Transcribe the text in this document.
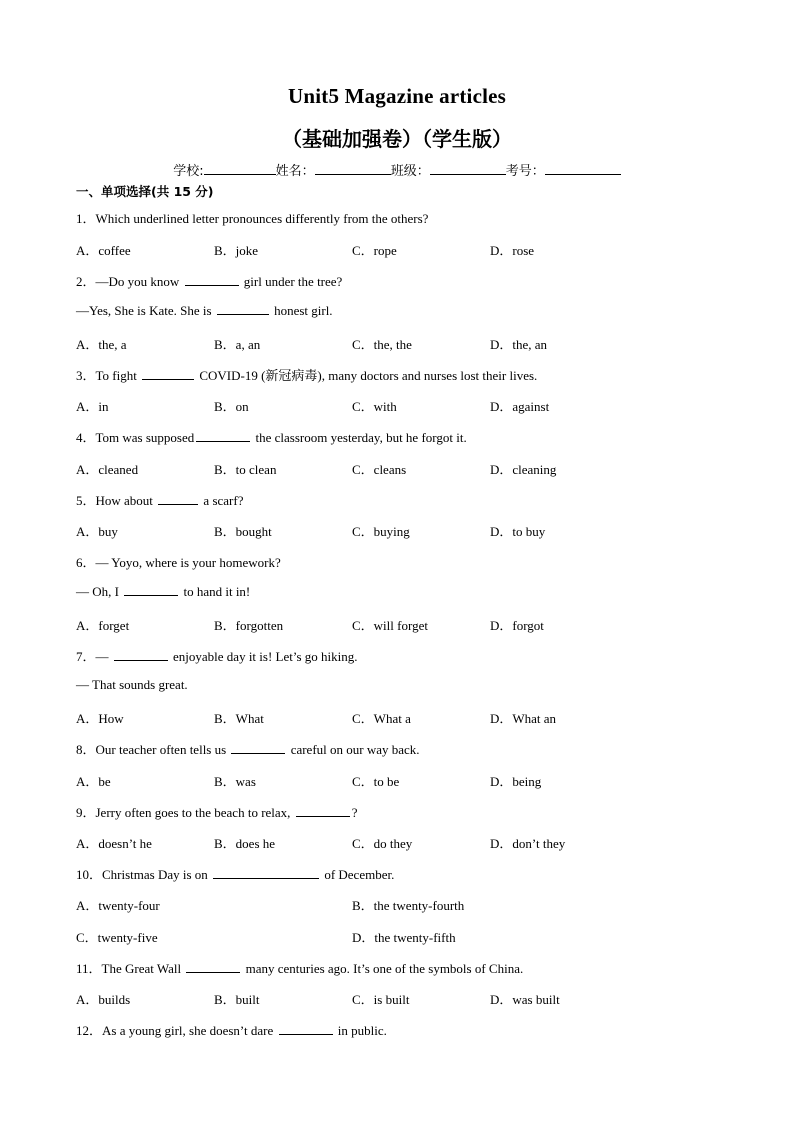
Unit5 Magazine articles
（基础加强卷）（学生版）
学校:	姓名：	班级：	考号：
一、单项选择(共 15 分)
1．Which underlined letter pronounces differently from the others?
A．coffee	B．joke	C．rope	D．rose
2．—Do you know	girl under the tree?
—Yes, She is Kate. She is	honest girl.
A．the, a	B．a, an	C．the, the	D．the, an
3．To fight	COVID-19 (新冠病毒), many doctors and nurses lost their lives.
A．in	B．on	C．with	D．against
4．Tom was supposed	the classroom yesterday, but he forgot it.
A．cleaned	B．to clean	C．cleans	D．cleaning
5．How about	a scarf?
A．buy	B．bought	C．buying	D．to buy
6．— Yoyo, where is your homework?
— Oh, I	to hand it in!
A．forget	B．forgotten	C．will forget	D．forgot
7．—	enjoyable day it is! Let’s go hiking.
— That sounds great.
A．How	B．What	C．What a	D．What an
8．Our teacher often tells us	careful on our way back.
A．be	B．was	C．to be	D．being
9．Jerry often goes to the beach to relax,	?
A．doesn’t he	B．does he	C．do they	D．don’t they
10．Christmas Day is on	of December.
A．twenty-four	B．the twenty-fourth
C．twenty-five	D．the twenty-fifth
11．The Great Wall	many centuries ago. It’s one of the symbols of China.
A．builds	B．built	C．is built	D．was built
12．As a young girl, she doesn’t dare	in public.
